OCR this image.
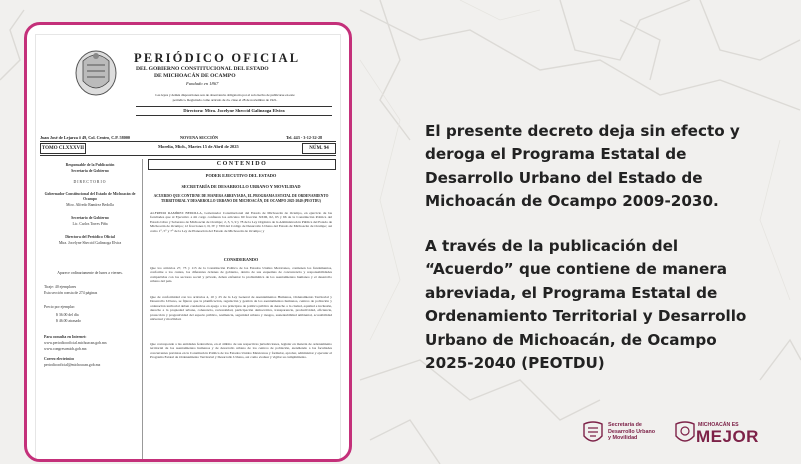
PERIÓDICO OFICIAL
DEL GOBIERNO CONSTITUCIONAL DEL ESTADO
DE MICHOACÁN DE OCAMPO
Fundado en 1867
Las leyes y demás disposiciones son de observancia obligatoria por el solo hecho de publicarse en este periódico. Registrado como artículo de 2a. clase el 28 de noviembre de 1921.
Directora: Mtra. Jocelyne Sheccid Galinzoga Elvira
Juan José de Lejarza # 49, Col. Centro, C.P. 58000	NOVENA SECCIÓN	Tel. 443 - 3-12-32-28
TOMO CLXXXVII	Morelia, Mich., Martes 15 de Abril de 2025	NÚM. 94
Responsable de la Publicación
Secretaría de Gobierno
DIRECTORIO
Gobernador Constitucional del Estado de Michoacán de Ocampo
Mtro. Alfredo Ramírez Bedolla
Secretario de Gobierno
Lic. Carlos Torres Piña
Directora del Periódico Oficial
Mtra. Jocelyne Sheccid Galinzoga Elvira
Aparece ordinariamente de lunes a viernes.
Tiraje: 40 ejemplares
Esta sección consta de 274 páginas
Precio por ejemplar:
$ 36.00 del día
$ 46.00 atrasado
Para consulta en Internet:
www.periodicooficial.michoacan.gob.mx
www.congresomich.gob.mx
Correo electrónico
periodicooficial@michoacan.gob.mx
CONTENIDO
PODER EJECUTIVO DEL ESTADO
SECRETARÍA DE DESARROLLO URBANO Y MOVILIDAD
ACUERDO QUE CONTIENE DE MANERA ABREVIADA, EL PROGRAMA ESTATAL DE ORDENAMIENTO TERRITORIAL Y DESARROLLO URBANO DE MICHOACÁN, DE OCAMPO 2025-2040 (PEOTDU)
ALFREDO RAMÍREZ BEDOLLA, Gobernador Constitucional del Estado de Michoacán de Ocampo, en ejercicio de las facultades que al Ejecutivo a mi cargo confieren los artículos 60 fracción XXIII, 62, 65 y 66 de la Constitución Política del Estado Libre y Soberano de Michoacán de Ocampo; 2, 3, 5, 9 y 78 de la Ley Orgánica de la Administración Pública del Estado de Michoacán de Ocampo; 12 fracciones I, II, IV y VIII del Código de Desarrollo Urbano del Estado de Michoacán de Ocampo; así como 1°, 5° y 7° de la Ley de Planeación del Estado de Michoacán de Ocampo; y
CONSIDERANDO
Que los artículos 27, 73 y 115 de la Constitución Política de los Estados Unidos Mexicanos, contienen los fundamentos, conforme a los cuales, los diferentes órdenes de gobierno, dentro de sus esquemas de concurrencia y responsabilidades compartidas con los sectores social y privado, deben enfrentar la problemática de los asentamientos humanos y el desarrollo urbano del país.
Que de conformidad con los artículos 4, 10 y 25 de la Ley General de Asentamientos Humanos, Ordenamiento Territorial y Desarrollo Urbano, se fijaron que la planificación, regulación y gestión de los asentamientos humanos, centros de población y ordenación territorial deben conducirse en apego a los principios de política pública de derecho a la ciudad, equidad e inclusión, derecho a la propiedad urbana, coherencia, racionalidad, participación democrática, transparencia, productividad, eficiencia, protección y progresividad del espacio público, resiliencia, seguridad urbana y riesgos, sustentabilidad ambiental, accesibilidad universal y movilidad.
Que corresponde a las entidades federativas, en el ámbito de sus respectivas jurisdicciones, legislar en materia de ordenamiento territorial de los asentamientos humanos y de desarrollo urbano de los centros de población, atendiendo a las facultades concurrentes previstas en la Constitución Política de los Estados Unidos Mexicanos y formular, aprobar, administrar y ejecutar el Programa Estatal de Ordenamiento Territorial y Desarrollo Urbano, así como evaluar y vigilar su cumplimiento.
El presente decreto deja sin efecto y deroga el Programa Estatal de Desarrollo Urbano del Estado de Michoacán de Ocampo 2009-2030.
A través de la publicación del “Acuerdo” que contiene de manera abreviada, el Programa Estatal de Ordenamiento Territorial y Desarrollo Urbano de Michoacán, de Ocampo 2025-2040 (PEOTDU)
Secretaría de
Desarrollo Urbano
y Movilidad
MICHOACÁN ES
MEJOR
